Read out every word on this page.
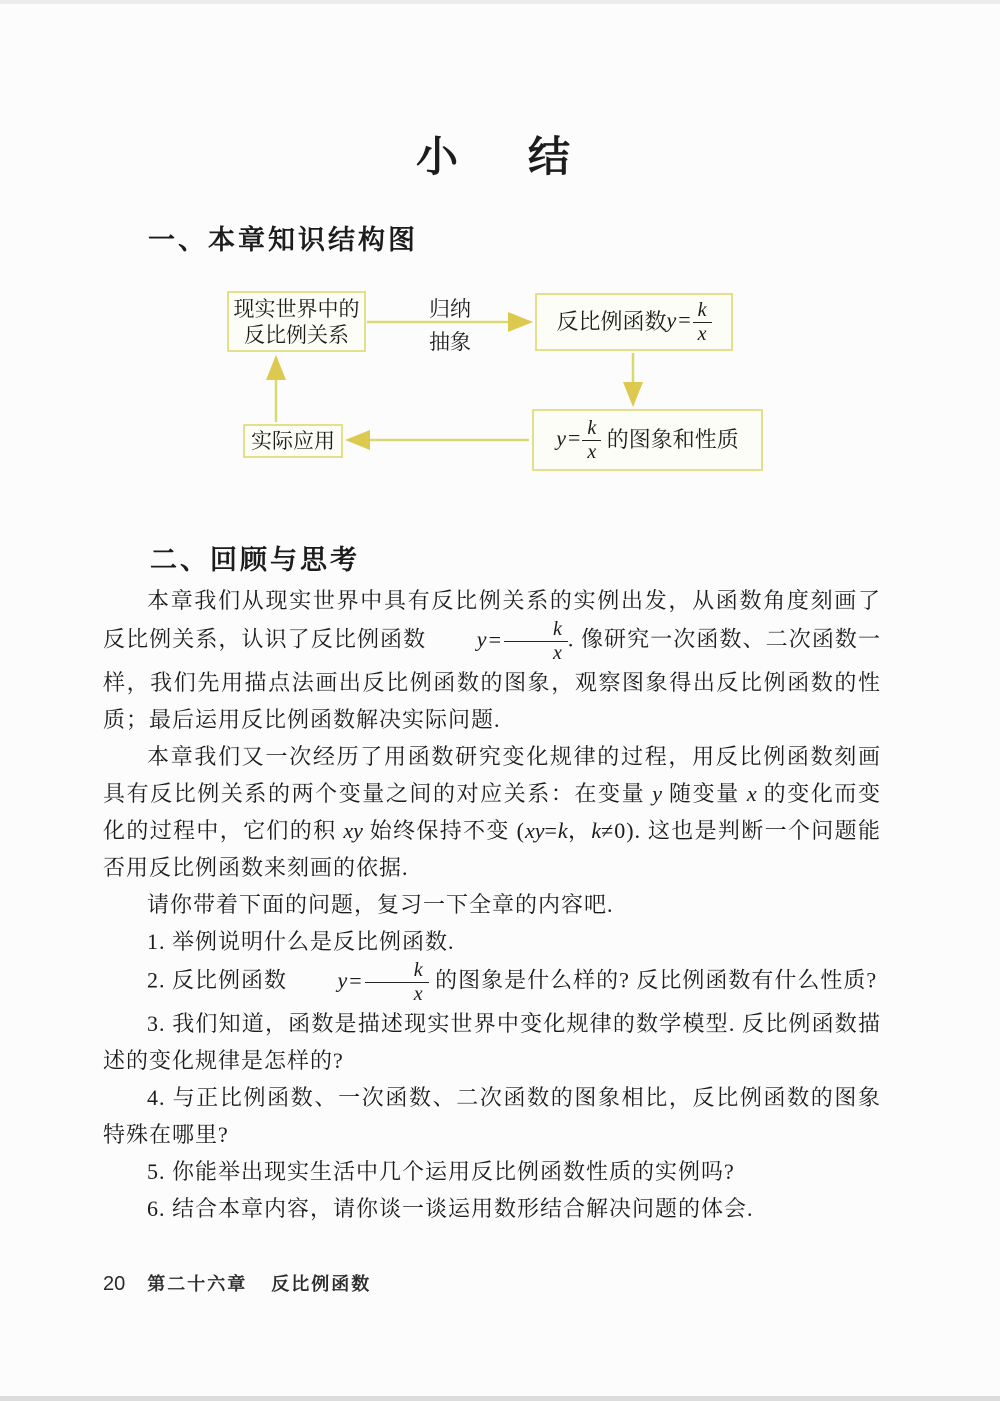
小　结
一、本章知识结构图
现实世界中的
反比例关系
归纳
抽象
反比例函数 $y= \frac{k}{x}$
$y= \frac{k}{x}$ 的图象和性质
实际应用
二、回顾与思考

本章我们从现实世界中具有反比例关系的实例出发，从函数角度刻画了反比例关系，认识了反比例函数 $y= \frac{k}{x}$ . 像研究一次函数、二次函数一样，我们先用描点法画出反比例函数的图象，观察图象得出反比例函数的性质；最后运用反比例函数解决实际问题.

本章我们又一次经历了用函数研究变化规律的过程，用反比例函数刻画具有反比例关系的两个变量之间的对应关系：在变量 y 随变量 x 的变化而变化的过程中，它们的积 xy 始终保持不变 (xy=k，k≠0). 这也是判断一个问题能否用反比例函数来刻画的依据.

请你带着下面的问题，复习一下全章的内容吧.

1. 举例说明什么是反比例函数.

2. 反比例函数 $y= \frac{k}{x}$ 的图象是什么样的? 反比例函数有什么性质?

3. 我们知道，函数是描述现实世界中变化规律的数学模型. 反比例函数描述的变化规律是怎样的?

4. 与正比例函数、一次函数、二次函数的图象相比，反比例函数的图象特殊在哪里?

5. 你能举出现实生活中几个运用反比例函数性质的实例吗?

6. 结合本章内容，请你谈一谈运用数形结合解决问题的体会.

20 第二十六章 反比例函数
